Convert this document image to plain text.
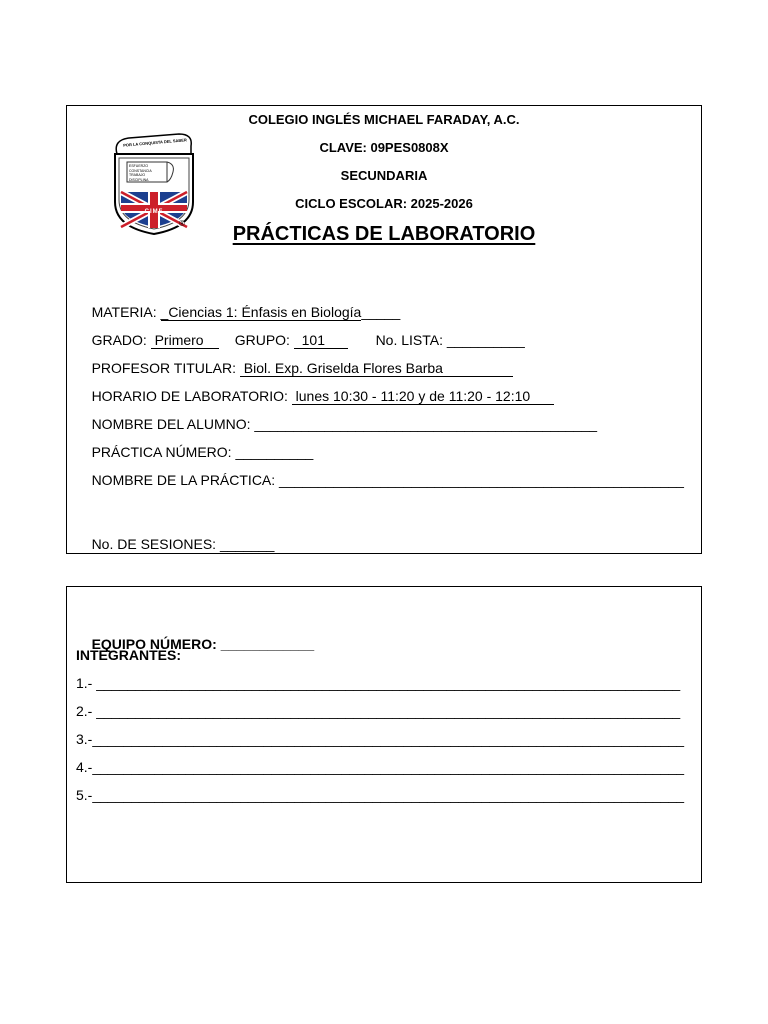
POR LA CONQUISTA DEL SABER
ESFUERZO
CONSTANCIA
TRABAJO
DISCIPLINA
CIMF
®
COLEGIO INGLÉS MICHAEL FARADAY, A.C.
CLAVE: 09PES0808X
SECUNDARIA
CICLO ESCOLAR: 2025-2026
PRÁCTICAS DE LABORATORIO

MATERIA: _Ciencias 1: Énfasis en Biología_____

GRADO:  Primero        GRUPO:   101             No. LISTA: __________

PROFESOR TITULAR:  Biol. Exp. Griselda Flores Barba

HORARIO DE LABORATORIO:  lunes 10:30 - 11:20 y de 11:20 - 12:10

NOMBRE DEL ALUMNO: ____________________________________________

PRÁCTICA NÚMERO: __________

NOMBRE DE LA PRÁCTICA: ____________________________________________________

No. DE SESIONES: _______

EQUIPO NÚMERO: ____________

INTEGRANTES:
1.- ___________________________________________________________________________
2.- ___________________________________________________________________________
3.-____________________________________________________________________________
4.-____________________________________________________________________________
5.-____________________________________________________________________________
